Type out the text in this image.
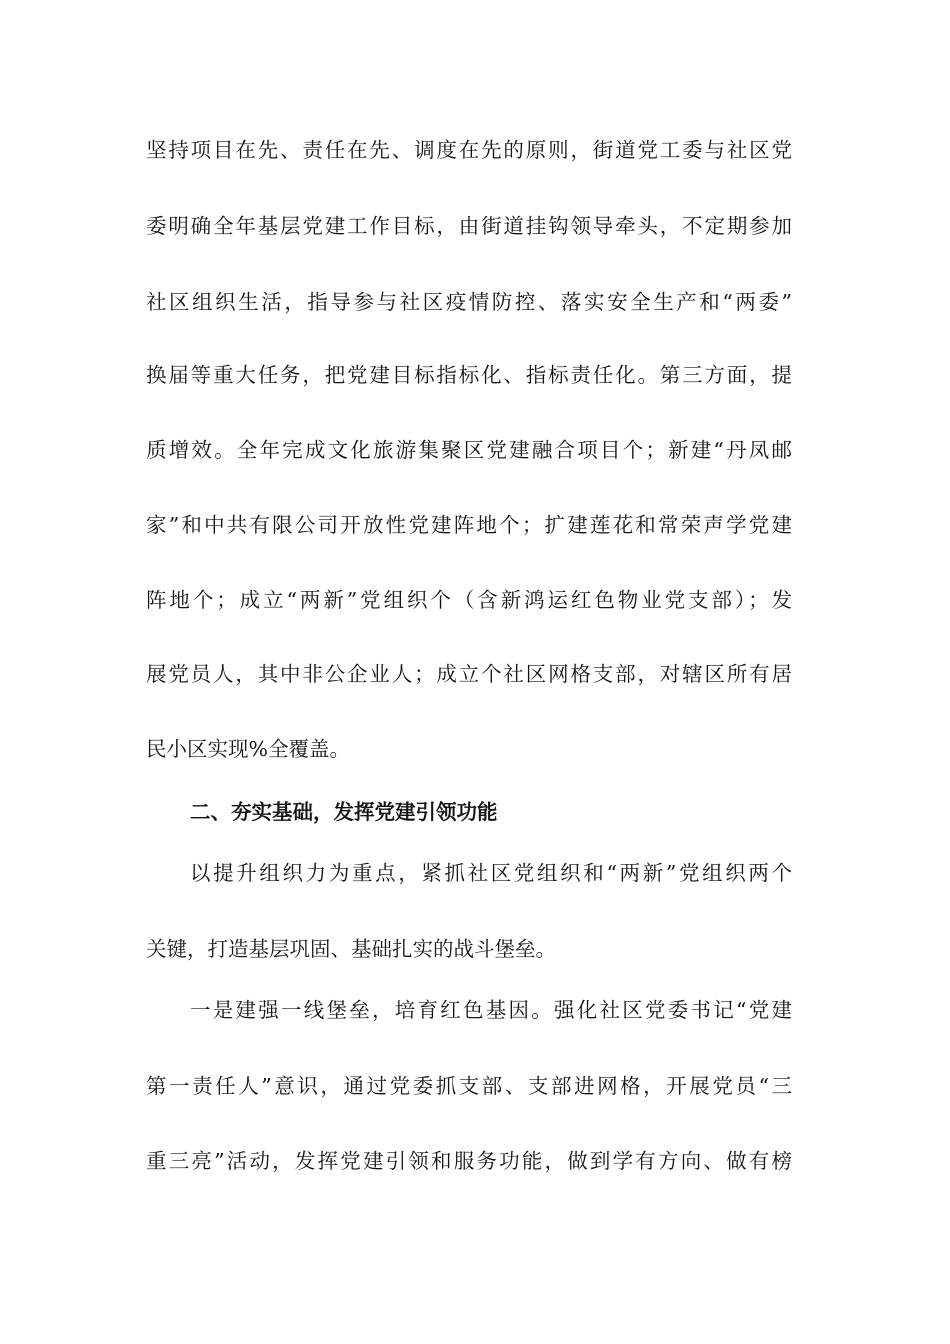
坚持项目在先、责任在先、调度在先的原则，街道党工委与社区党
委明确全年基层党建工作目标，由街道挂钩领导牵头，不定期参加
社区组织生活，指导参与社区疫情防控、落实安全生产和“两委”
换届等重大任务，把党建目标指标化、指标责任化。第三方面，提
质增效。全年完成文化旅游集聚区党建融合项目个；新建“丹凤邮
家”和中共有限公司开放性党建阵地个；扩建莲花和常荣声学党建
阵地个；成立“两新”党组织个（含新鸿运红色物业党支部）；发
展党员人，其中非公企业人；成立个社区网格支部，对辖区所有居
民小区实现%全覆盖。
二、夯实基础，发挥党建引领功能
以提升组织力为重点，紧抓社区党组织和“两新”党组织两个
关键，打造基层巩固、基础扎实的战斗堡垒。
一是建强一线堡垒，培育红色基因。强化社区党委书记“党建
第一责任人”意识，通过党委抓支部、支部进网格，开展党员“三
重三亮”活动，发挥党建引领和服务功能，做到学有方向、做有榜
